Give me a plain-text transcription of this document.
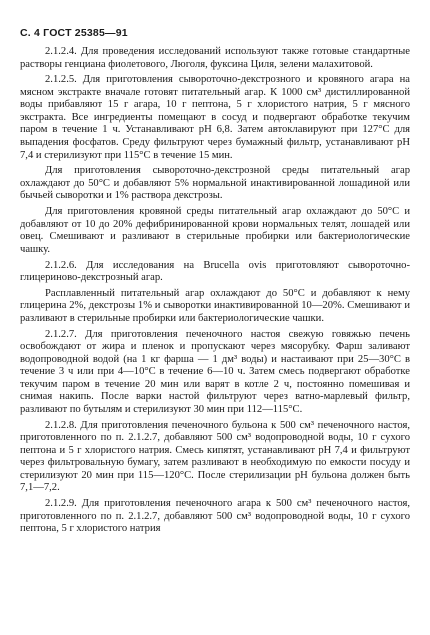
С. 4 ГОСТ 25385—91

2.1.2.4. Для проведения исследований используют также готовые стандартные растворы генциана фиолетового, Люголя, фуксина Циля, зелени малахитовой.

2.1.2.5. Для приготовления сывороточно-декстрозного и кровяного агара на мясном экстракте вначале готовят питательный агар. К 1000 см³ дистиллированной воды прибавляют 15 г агара, 10 г пептона, 5 г хлористого натрия, 5 г мясного экстракта. Все ингредиенты помещают в сосуд и подвергают обработке текучим паром в течение 1 ч. Устанавливают рН 6,8. Затем автоклавируют при 127°С для выпадения фосфатов. Среду фильтруют через бумажный фильтр, устанавливают рН 7,4 и стерилизуют при 115°С в течение 15 мин.

Для приготовления сывороточно-декстрозной среды питательный агар охлаждают до 50°С и добавляют 5% нормальной инактивированной лошадиной или бычьей сыворотки и 1% раствора декстрозы.

Для приготовления кровяной среды питательный агар охлаждают до 50°С и добавляют от 10 до 20% дефибринированной крови нормальных телят, лошадей или овец. Смешивают и разливают в стерильные пробирки или бактериологические чашку.

2.1.2.6. Для исследования на Brucella ovis приготовляют сывороточно-глицериново-декстрозный агар.

Расплавленный питательный агар охлаждают до 50°С и добавляют к нему глицерина 2%, декстрозы 1% и сыворотки инактивированной 10—20%. Смешивают и разливают в стерильные пробирки или бактериологические чашки.

2.1.2.7. Для приготовления печеночного настоя свежую говяжью печень освобождают от жира и пленок и пропускают через мясорубку. Фарш заливают водопроводной водой (на 1 кг фарша — 1 дм³ воды) и настаивают при 25—30°С в течение 3 ч или при 4—10°С в течение 6—10 ч. Затем смесь подвергают обработке текучим паром в течение 20 мин или варят в котле 2 ч, постоянно помешивая и снимая накипь. После варки настой фильтруют через ватно-марлевый фильтр, разливают по бутылям и стерилизуют 30 мин при 112—115°С.

2.1.2.8. Для приготовления печеночного бульона к 500 см³ печеночного настоя, приготовленного по п. 2.1.2.7, добавляют 500 см³ водопроводной воды, 10 г сухого пептона и 5 г хлористого натрия. Смесь кипятят, устанавливают рН 7,4 и фильтруют через фильтровальную бумагу, затем разливают в необходимую по емкости посуду и стерилизуют 20 мин при 115—120°С. После стерилизации рН бульона должен быть 7,1—7,2.

2.1.2.9. Для приготовления печеночного агара к 500 см³ печеночного настоя, приготовленного по п. 2.1.2.7, добавляют 500 см³ водопроводной воды, 10 г сухого пептона, 5 г хлористого натрия
